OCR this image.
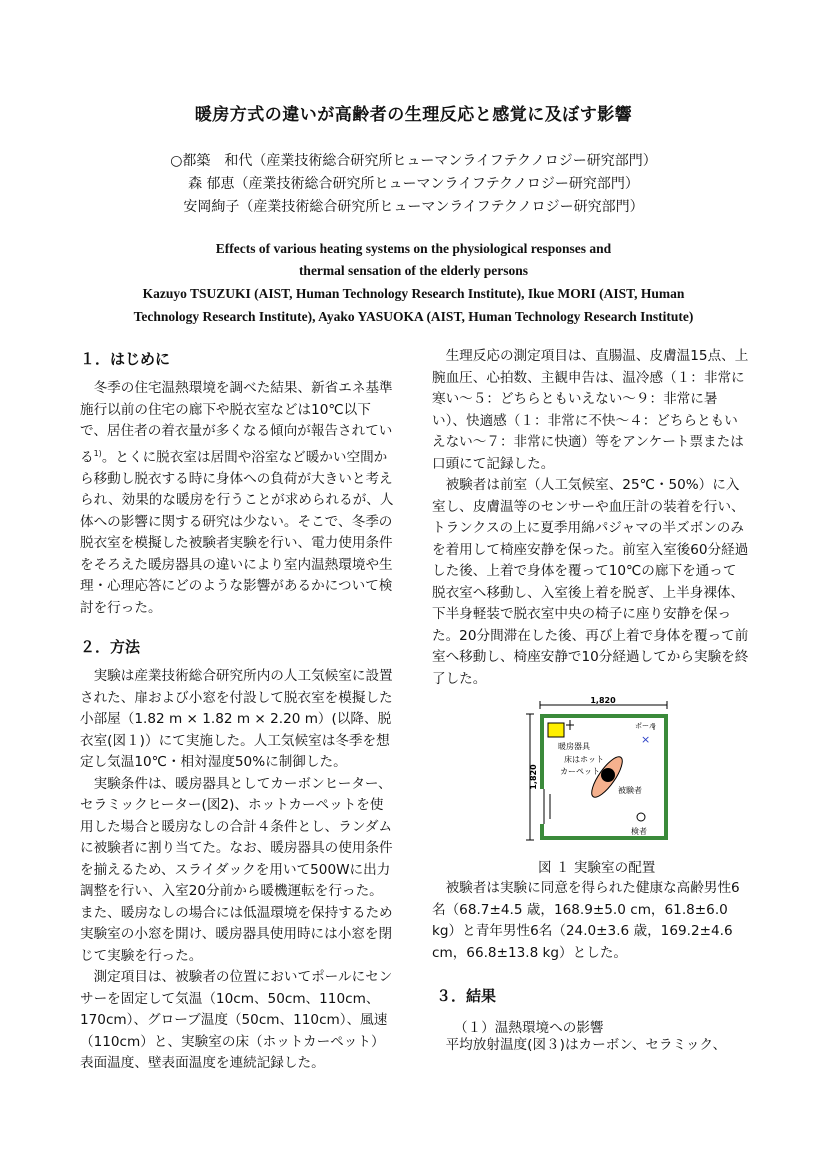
暖房方式の違いが高齢者の生理反応と感覚に及ぼす影響
○都築　和代（産業技術総合研究所ヒューマンライフテクノロジー研究部門）
森 郁恵（産業技術総合研究所ヒューマンライフテクノロジー研究部門）
安岡絢子（産業技術総合研究所ヒューマンライフテクノロジー研究部門）
Effects of various heating systems on the physiological responses and
thermal sensation of the elderly persons
Kazuyo TSUZUKI (AIST, Human Technology Research Institute), Ikue MORI (AIST, Human
Technology Research Institute), Ayako YASUOKA (AIST, Human Technology Research Institute)
１．はじめに

冬季の住宅温熱環境を調べた結果、新省エネ基準施行以前の住宅の廊下や脱衣室などは10℃以下で、居住者の着衣量が多くなる傾向が報告されている$^{1)}$。とくに脱衣室は居間や浴室など暖かい空間から移動し脱衣する時に身体への負荷が大きいと考えられ、効果的な暖房を行うことが求められるが、人体への影響に関する研究は少ない。そこで、冬季の脱衣室を模擬した被験者実験を行い、電力使用条件をそろえた暖房器具の違いにより室内温熱環境や生理・心理応答にどのような影響があるかについて検討を行った。

２．方法

実験は産業技術総合研究所内の人工気候室に設置された、扉および小窓を付設して脱衣室を模擬した小部屋（1.82 m × 1.82 m × 2.20 m）(以降、脱衣室(図１)）にて実施した。人工気候室は冬季を想定し気温10℃・相対湿度50%に制御した。

実験条件は、暖房器具としてカーボンヒーター、セラミックヒーター(図2)、ホットカーペットを使用した場合と暖房なしの合計４条件とし、ランダムに被験者に割り当てた。なお、暖房器具の使用条件を揃えるため、スライダックを用いて500Wに出力調整を行い、入室20分前から暖機運転を行った。また、暖房なしの場合には低温環境を保持するため実験室の小窓を開け、暖房器具使用時には小窓を閉じて実験を行った。

測定項目は、被験者の位置においてポールにセンサーを固定して気温（10cm、50cm、110cm、170cm）、グローブ温度（50cm、110cm）、風速（110cm）と、実験室の床（ホットカーペット）表面温度、壁表面温度を連続記録した。

生理反応の測定項目は、直腸温、皮膚温15点、上腕血圧、心拍数、主観申告は、温冷感（１：非常に寒い～５：どちらともいえない～９：非常に暑い）、快適感（１：非常に不快～４：どちらともいえない～７：非常に快適）等をアンケート票または口頭にて記録した。

被験者は前室（人工気候室、25℃・50%）に入室し、皮膚温等のセンサーや血圧計の装着を行い、トランクスの上に夏季用綿パジャマの半ズボンのみを着用して椅座安静を保った。前室入室後60分経過した後、上着で身体を覆って10℃の廊下を通って脱衣室へ移動し、入室後上着を脱ぎ、上半身裸体、下半身軽装で脱衣室中央の椅子に座り安静を保った。20分間滞在した後、再び上着で身体を覆って前室へ移動し、椅座安静で10分経過してから実験を終了した。

1,820
1,820
暖房器具
床はホット
カーペット
ポール
×
被験者
検者
図 １ 実験室の配置

被験者は実験に同意を得られた健康な高齢男性6名（68.7±4.5 歳，168.9±5.0 cm，61.8±6.0 kg）と青年男性6名（24.0±3.6 歳，169.2±4.6 cm，66.8±13.8 kg）とした。

３．結果
（１）温熱環境への影響

平均放射温度(図３)はカーボン、セラミック、
